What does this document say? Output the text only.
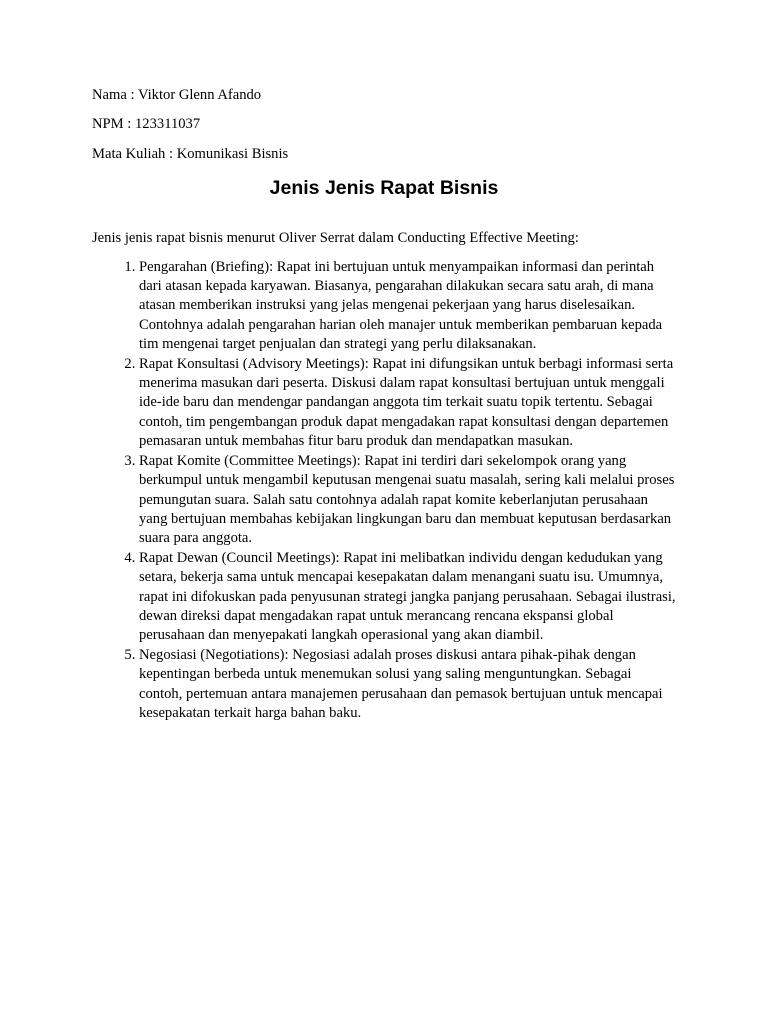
Nama : Viktor Glenn Afando

NPM : 123311037

Mata Kuliah : Komunikasi Bisnis

Jenis Jenis Rapat Bisnis

Jenis jenis rapat bisnis menurut Oliver Serrat dalam Conducting Effective Meeting:

1. Pengarahan (Briefing): Rapat ini bertujuan untuk menyampaikan informasi dan perintah dari atasan kepada karyawan. Biasanya, pengarahan dilakukan secara satu arah, di mana atasan memberikan instruksi yang jelas mengenai pekerjaan yang harus diselesaikan. Contohnya adalah pengarahan harian oleh manajer untuk memberikan pembaruan kepada tim mengenai target penjualan dan strategi yang perlu dilaksanakan.
2. Rapat Konsultasi (Advisory Meetings): Rapat ini difungsikan untuk berbagi informasi serta menerima masukan dari peserta. Diskusi dalam rapat konsultasi bertujuan untuk menggali ide-ide baru dan mendengar pandangan anggota tim terkait suatu topik tertentu. Sebagai contoh, tim pengembangan produk dapat mengadakan rapat konsultasi dengan departemen pemasaran untuk membahas fitur baru produk dan mendapatkan masukan.
3. Rapat Komite (Committee Meetings): Rapat ini terdiri dari sekelompok orang yang berkumpul untuk mengambil keputusan mengenai suatu masalah, sering kali melalui proses pemungutan suara. Salah satu contohnya adalah rapat komite keberlanjutan perusahaan yang bertujuan membahas kebijakan lingkungan baru dan membuat keputusan berdasarkan suara para anggota.
4. Rapat Dewan (Council Meetings): Rapat ini melibatkan individu dengan kedudukan yang setara, bekerja sama untuk mencapai kesepakatan dalam menangani suatu isu. Umumnya, rapat ini difokuskan pada penyusunan strategi jangka panjang perusahaan. Sebagai ilustrasi, dewan direksi dapat mengadakan rapat untuk merancang rencana ekspansi global perusahaan dan menyepakati langkah operasional yang akan diambil.
5. Negosiasi (Negotiations): Negosiasi adalah proses diskusi antara pihak-pihak dengan kepentingan berbeda untuk menemukan solusi yang saling menguntungkan. Sebagai contoh, pertemuan antara manajemen perusahaan dan pemasok bertujuan untuk mencapai kesepakatan terkait harga bahan baku.
